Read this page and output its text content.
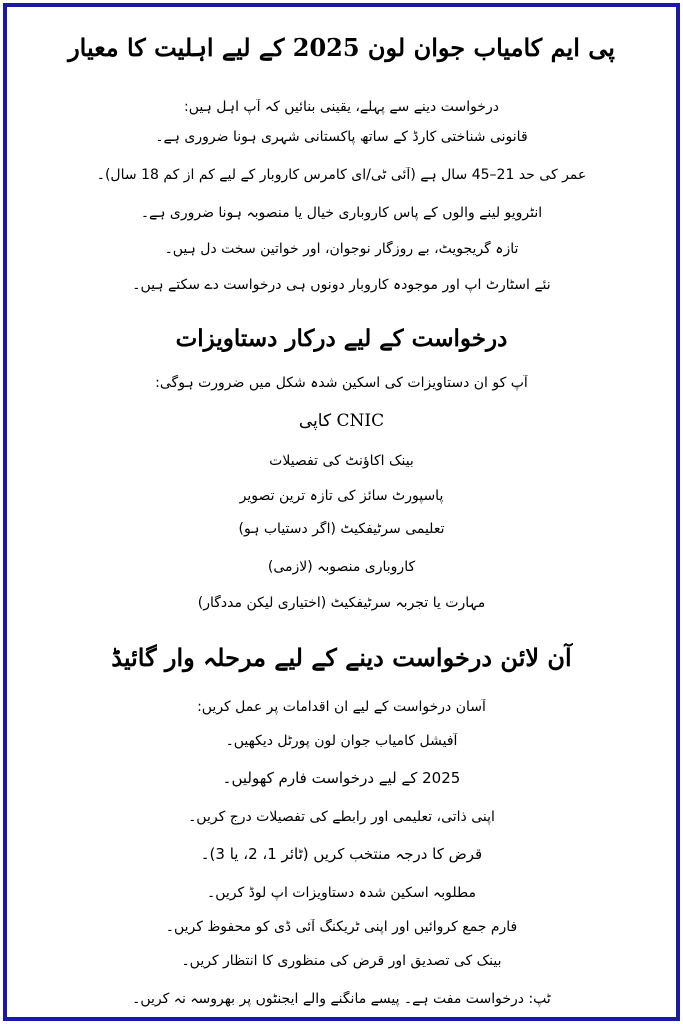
پی ایم کامیاب جوان لون 2025 کے لیے اہلیت کا معیار
درخواست دینے سے پہلے، یقینی بنائیں کہ آپ اہل ہیں:
قانونی شناختی کارڈ کے ساتھ پاکستانی شہری ہونا ضروری ہے۔
عمر کی حد 21–45 سال ہے (آئی ٹی/ای کامرس کاروبار کے لیے کم از کم 18 سال)۔
انٹرویو لینے والوں کے پاس کاروباری خیال یا منصوبہ ہونا ضروری ہے۔
تازہ گریجویٹ، بے روزگار نوجوان، اور خواتین سخت دل ہیں۔
نئے اسٹارٹ اپ اور موجودہ کاروبار دونوں ہی درخواست دے سکتے ہیں۔
درخواست کے لیے درکار دستاویزات
آپ کو ان دستاویزات کی اسکین شدہ شکل میں ضرورت ہوگی:
CNIC کاپی
بینک اکاؤنٹ کی تفصیلات
پاسپورٹ سائز کی تازہ ترین تصویر
تعلیمی سرٹیفکیٹ (اگر دستیاب ہو)
کاروباری منصوبہ (لازمی)
مہارت یا تجربہ سرٹیفکیٹ (اختیاری لیکن مددگار)
آن لائن درخواست دینے کے لیے مرحلہ وار گائیڈ
آسان درخواست کے لیے ان اقدامات پر عمل کریں:
آفیشل کامیاب جوان لون پورٹل دیکھیں۔
2025 کے لیے درخواست فارم کھولیں۔
اپنی ذاتی، تعلیمی اور رابطے کی تفصیلات درج کریں۔
قرض کا درجہ منتخب کریں (ٹائر 1، 2، یا 3)۔
مطلوبہ اسکین شدہ دستاویزات اپ لوڈ کریں۔
فارم جمع کروائیں اور اپنی ٹریکنگ آئی ڈی کو محفوظ کریں۔
بینک کی تصدیق اور قرض کی منظوری کا انتظار کریں۔
ٹپ: درخواست مفت ہے۔ پیسے مانگنے والے ایجنٹوں پر بھروسہ نہ کریں۔
